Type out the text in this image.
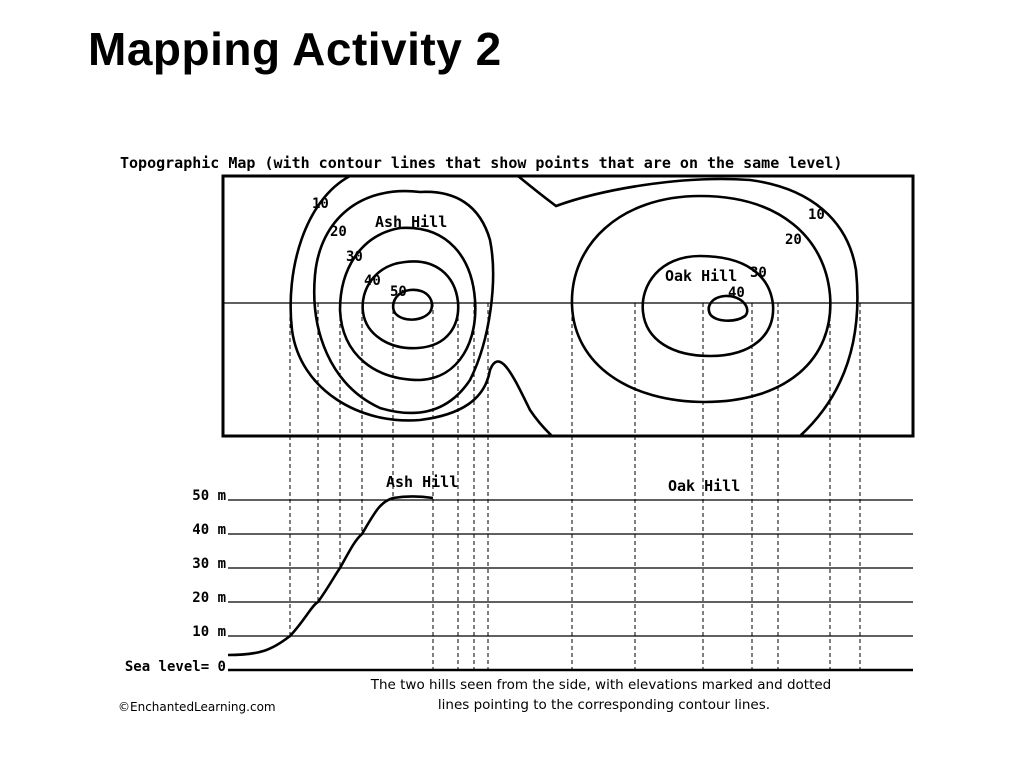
Mapping Activity 2
Topographic Map (with contour lines that show points that are on the same level)
10
20
30
40
50
Ash Hill	10
20
30
40
Oak Hill
50 m
40 m
30 m
20 m
10 m
Sea level= 0
Ash Hill	Oak Hill
The two hills seen from the side, with elevations marked and dotted
lines pointing to the corresponding contour lines.
©EnchantedLearning.com
